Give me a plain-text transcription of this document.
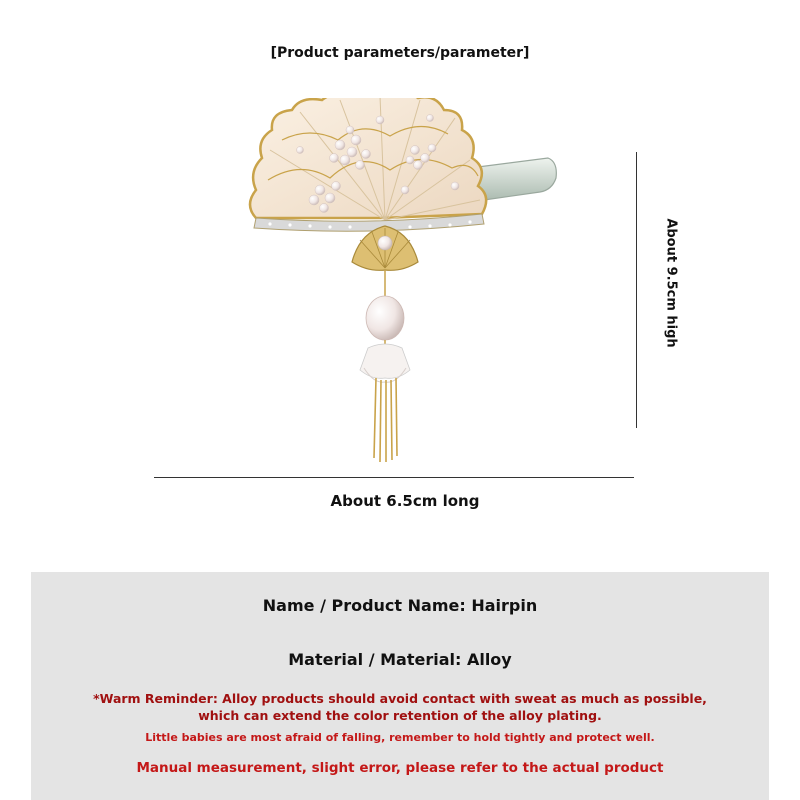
[Product parameters/parameter]
About 6.5cm long
About 9.5cm high
Name / Product Name: Hairpin
Material / Material: Alloy
*Warm Reminder: Alloy products should avoid contact with sweat as much as possible,
which can extend the color retention of the alloy plating.
Little babies are most afraid of falling, remember to hold tightly and protect well.
Manual measurement, slight error, please refer to the actual product
